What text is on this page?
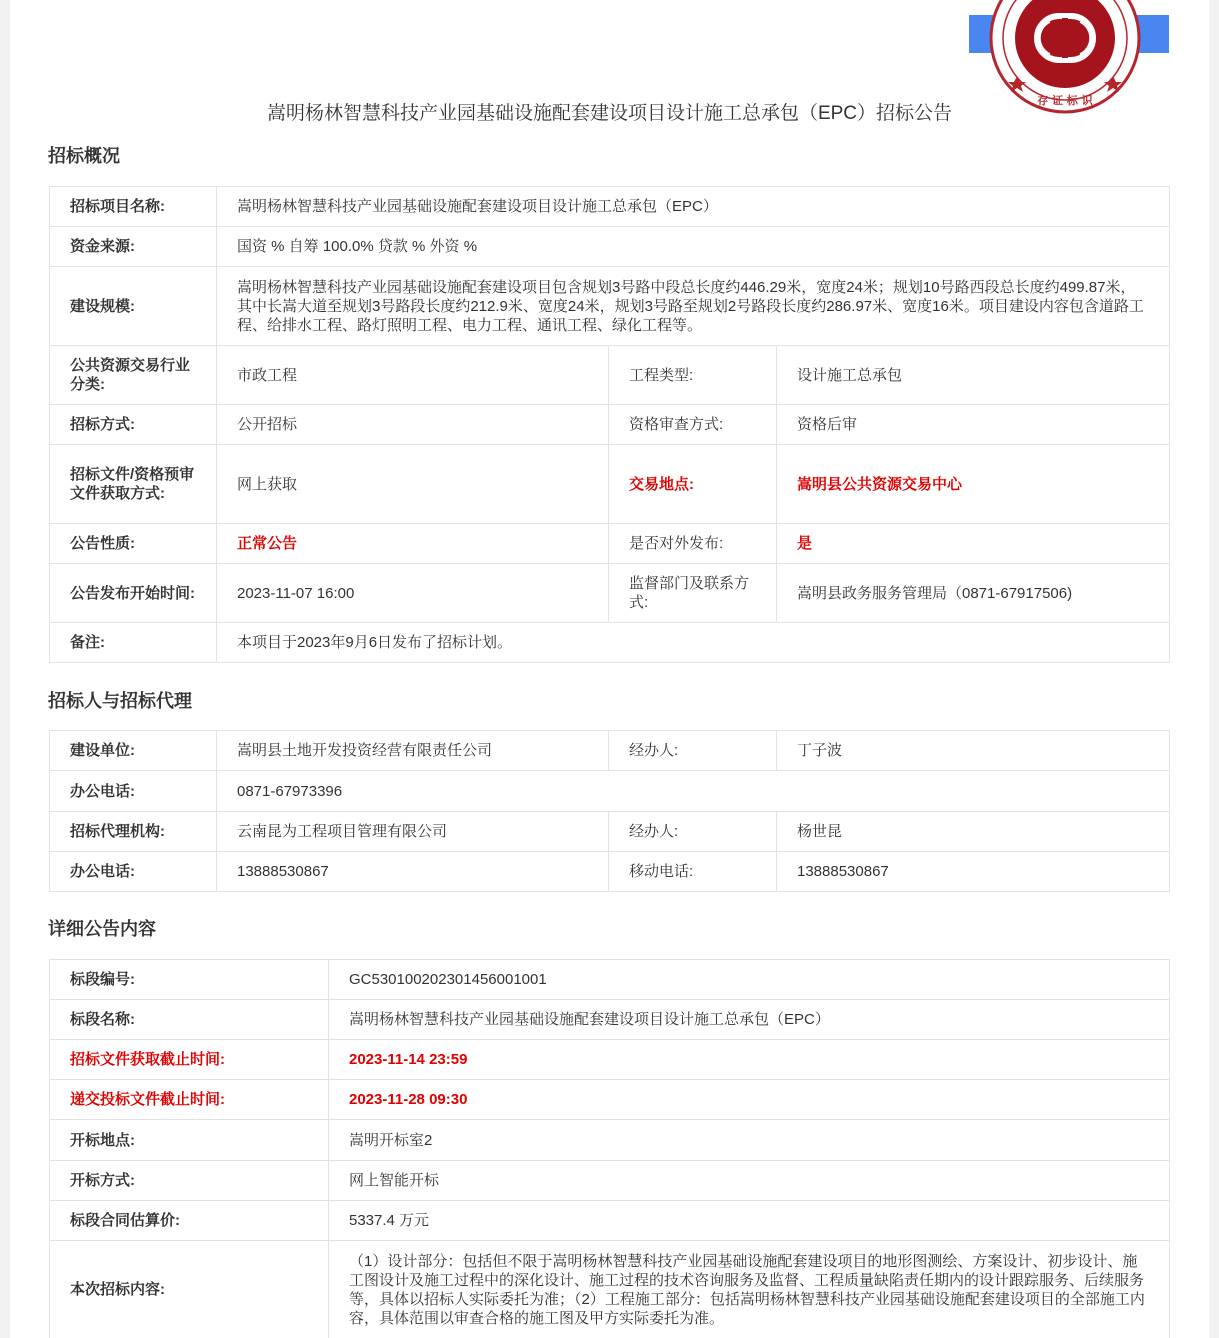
存 证 标 识
嵩明杨林智慧科技产业园基础设施配套建设项目设计施工总承包（EPC）招标公告
招标概况
招标项目名称:	嵩明杨林智慧科技产业园基础设施配套建设项目设计施工总承包（EPC）		
资金来源:	国资 % 自筹 100.0% 贷款 % 外资 %		
建设规模:	嵩明杨林智慧科技产业园基础设施配套建设项目包含规划3号路中段总长度约446.29米，宽度24米；规划10号路西段总长度约499.87米，其中长嵩大道至规划3号路段长度约212.9米、宽度24米，规划3号路至规划2号路段长度约286.97米、宽度16米。项目建设内容包含道路工程、给排水工程、路灯照明工程、电力工程、通讯工程、绿化工程等。		
公共资源交易行业分类:	市政工程	工程类型:	设计施工总承包
招标方式:	公开招标	资格审查方式:	资格后审
招标文件/资格预审文件获取方式:	网上获取	交易地点:	嵩明县公共资源交易中心
公告性质:	正常公告	是否对外发布:	是
公告发布开始时间:	2023-11-07 16:00	监督部门及联系方式:	嵩明县政务服务管理局（0871-67917506)
备注:	本项目于2023年9月6日发布了招标计划。		
招标人与招标代理
建设单位:	嵩明县土地开发投资经营有限责任公司	经办人:	丁子波
办公电话:	0871-67973396		
招标代理机构:	云南昆为工程项目管理有限公司	经办人:	杨世昆
办公电话:	13888530867	移动电话:	13888530867
详细公告内容
标段编号:	GC5301002023014560010​01
标段名称:	嵩明杨林智慧科技产业园基础设施配套建设项目设计施工总承包（EPC）
招标文件获取截止时间:	2023-11-14 23:59
递交投标文件截止时间:	2023-11-28 09:30
开标地点:	嵩明开标室2
开标方式:	网上智能开标
标段合同估算价:	5337.4 万元
本次招标内容:	（1）设计部分：包括但不限于嵩明杨林智慧科技产业园基础设施配套建设项目的地形图测绘、方案设计、初步设计、施工图设计及施工过程中的深化设计、施工过程的技术咨询服务及监督、工程质量缺陷责任期内的设计跟踪服务、后续服务等，具体以招标人实际委托为准；（2）工程施工部分：包括嵩明杨林智慧科技产业园基础设施配套建设项目的全部施工内容，具体范围以审查合格的施工图及甲方实际委托为准。
